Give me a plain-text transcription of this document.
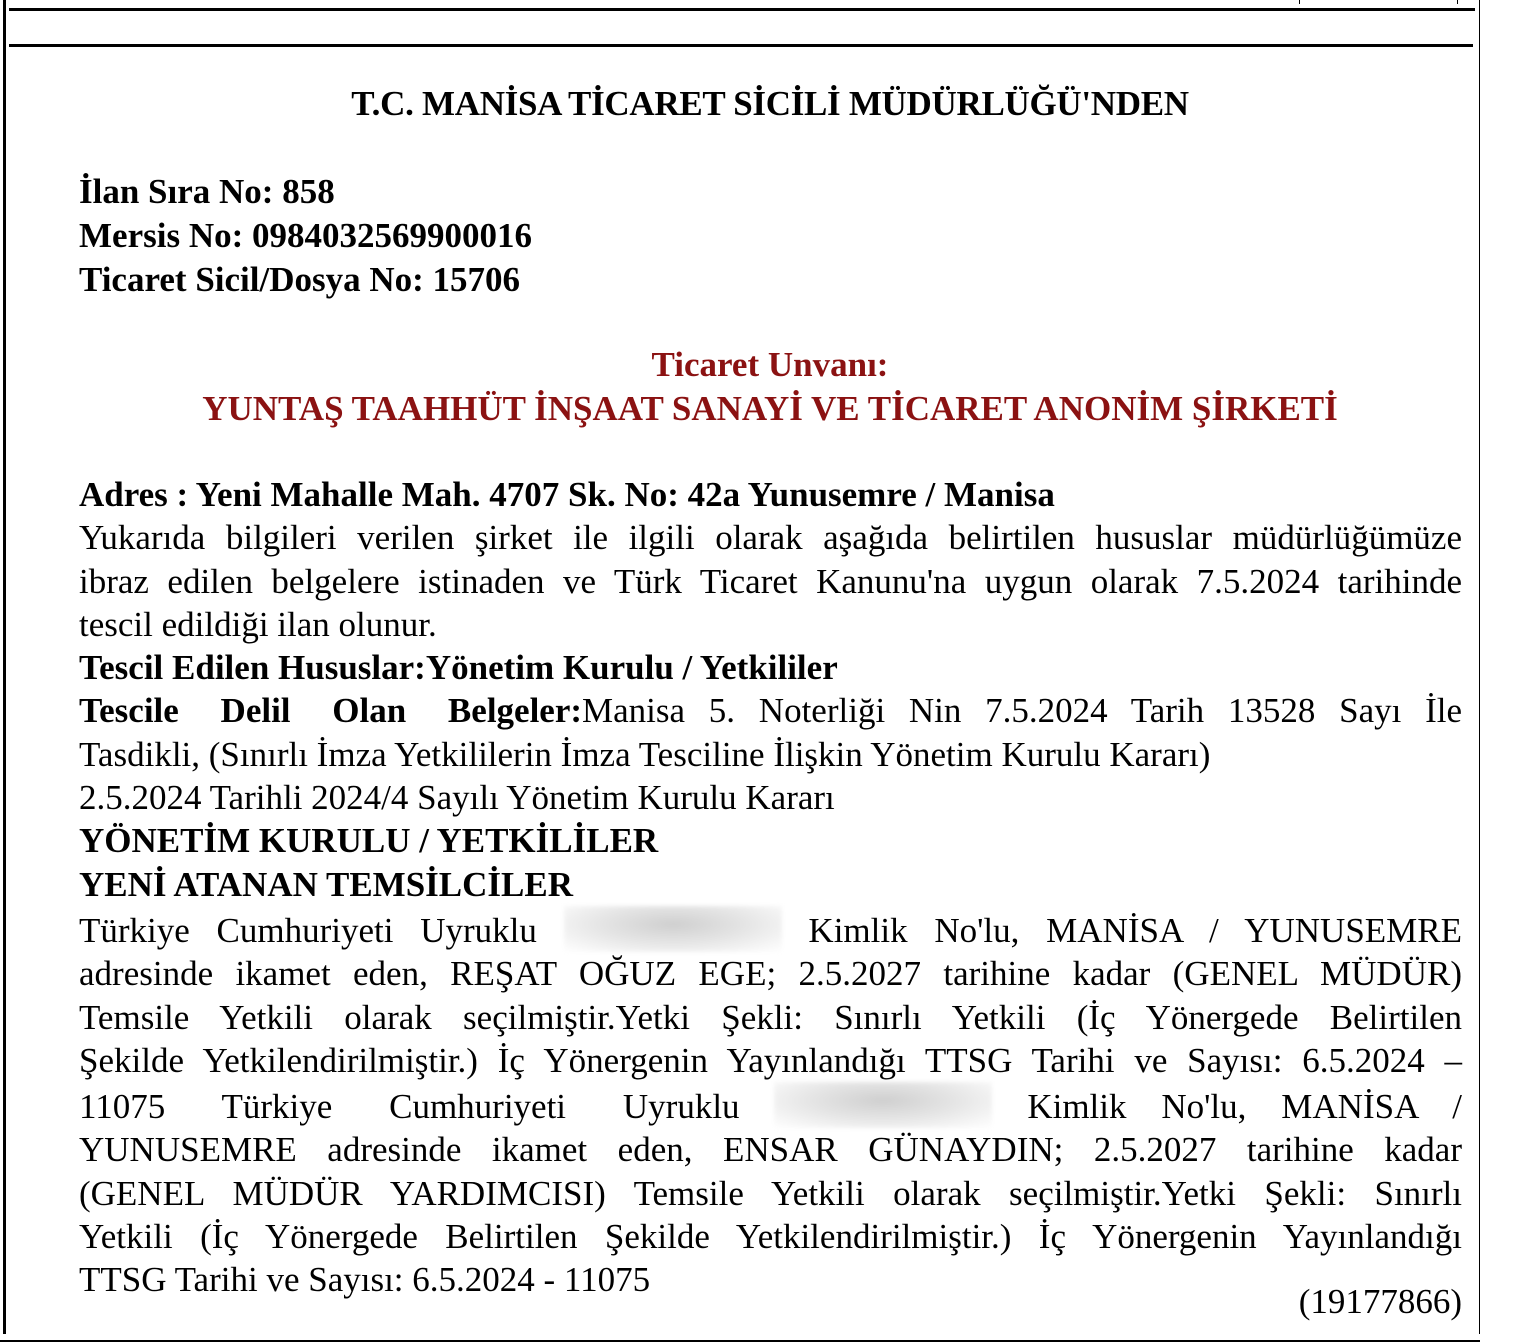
T.C. MANİSA TİCARET SİCİLİ MÜDÜRLÜĞÜ'NDEN
İlan Sıra No: 858
Mersis No: 0984032569900016
Ticaret Sicil/Dosya No: 15706
Ticaret Unvanı:
YUNTAŞ TAAHHÜT İNŞAAT SANAYİ VE TİCARET ANONİM ŞİRKETİ
Adres : Yeni Mahalle Mah. 4707 Sk. No: 42a Yunusemre / Manisa
Yukarıda bilgileri verilen şirket ile ilgili olarak aşağıda belirtilen hususlar müdürlüğümüze
ibraz edilen belgelere istinaden ve Türk Ticaret Kanunu'na uygun olarak 7.5.2024 tarihinde
tescil edildiği ilan olunur.
Tescil Edilen Hususlar:Yönetim Kurulu / Yetkililer
Tescile Delil Olan Belgeler:Manisa 5. Noterliği Nin 7.5.2024 Tarih 13528 Sayı İle
Tasdikli, (Sınırlı İmza Yetkililerin İmza Tesciline İlişkin Yönetim Kurulu Kararı)
2.5.2024 Tarihli 2024/4 Sayılı Yönetim Kurulu Kararı
YÖNETİM KURULU / YETKİLİLER
YENİ ATANAN TEMSİLCİLER
Türkiye Cumhuriyeti Uyruklu	Kimlik No'lu, MANİSA / YUNUSEMRE
adresinde ikamet eden, REŞAT OĞUZ EGE; 2.5.2027 tarihine kadar (GENEL MÜDÜR)
Temsile Yetkili olarak seçilmiştir.Yetki Şekli: Sınırlı Yetkili (İç Yönergede Belirtilen
Şekilde Yetkilendirilmiştir.) İç Yönergenin Yayınlandığı TTSG Tarihi ve Sayısı: 6.5.2024 –
11075 Türkiye Cumhuriyeti Uyruklu	Kimlik No'lu, MANİSA /
YUNUSEMRE adresinde ikamet eden, ENSAR GÜNAYDIN; 2.5.2027 tarihine kadar
(GENEL MÜDÜR YARDIMCISI) Temsile Yetkili olarak seçilmiştir.Yetki Şekli: Sınırlı
Yetkili (İç Yönergede Belirtilen Şekilde Yetkilendirilmiştir.) İç Yönergenin Yayınlandığı
TTSG Tarihi ve Sayısı: 6.5.2024 - 11075
(19177866)
